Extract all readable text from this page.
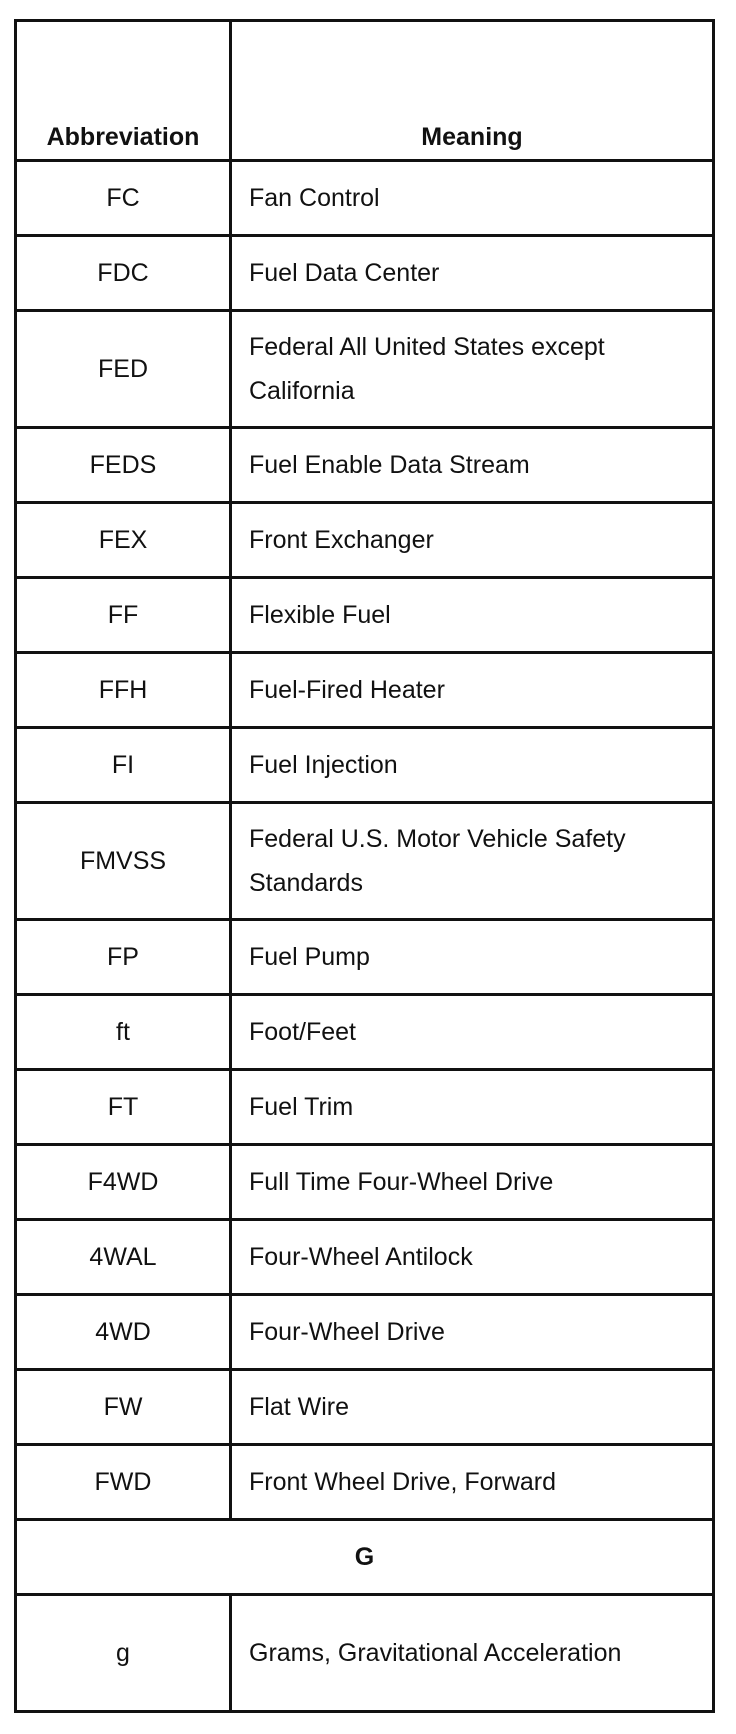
Abbreviation	Meaning
FC	Fan Control
FDC	Fuel Data Center
FED	Federal All United States except California
FEDS	Fuel Enable Data Stream
FEX	Front Exchanger
FF	Flexible Fuel
FFH	Fuel-Fired Heater
FI	Fuel Injection
FMVSS	Federal U.S. Motor Vehicle Safety Standards
FP	Fuel Pump
ft	Foot/Feet
FT	Fuel Trim
F4WD	Full Time Four-Wheel Drive
4WAL	Four-Wheel Antilock
4WD	Four-Wheel Drive
FW	Flat Wire
FWD	Front Wheel Drive, Forward
G	
g	Grams, Gravitational Acceleration
